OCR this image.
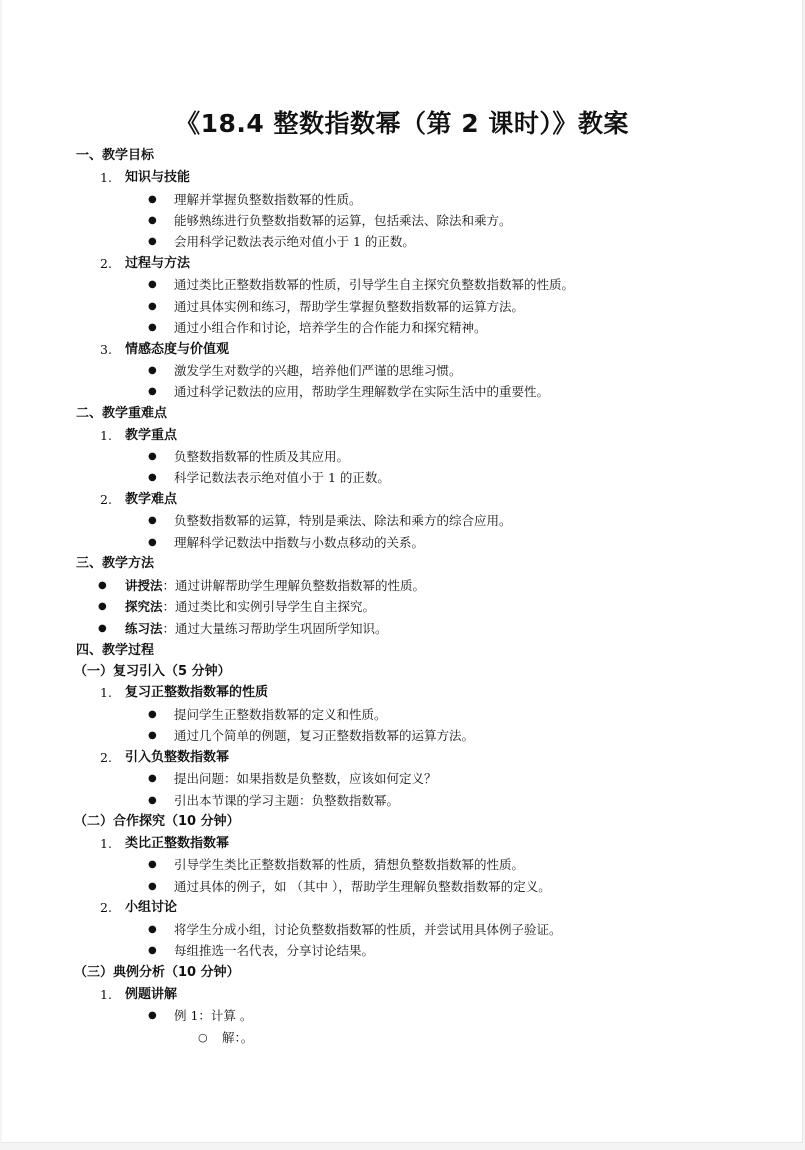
《18.4 整数指数幂（第 2 课时）》教案
一、教学目标
1. 知识与技能
● 理解并掌握负整数指数幂的性质。
● 能够熟练进行负整数指数幂的运算，包括乘法、除法和乘方。
● 会用科学记数法表示绝对值小于 1 的正数。
2. 过程与方法
● 通过类比正整数指数幂的性质，引导学生自主探究负整数指数幂的性质。
● 通过具体实例和练习，帮助学生掌握负整数指数幂的运算方法。
● 通过小组合作和讨论，培养学生的合作能力和探究精神。
3. 情感态度与价值观
● 激发学生对数学的兴趣，培养他们严谨的思维习惯。
● 通过科学记数法的应用，帮助学生理解数学在实际生活中的重要性。
二、教学重难点
1. 教学重点
● 负整数指数幂的性质及其应用。
● 科学记数法表示绝对值小于 1 的正数。
2. 教学难点
● 负整数指数幂的运算，特别是乘法、除法和乘方的综合应用。
● 理解科学记数法中指数与小数点移动的关系。
三、教学方法
● 讲授法：通过讲解帮助学生理解负整数指数幂的性质。
● 探究法：通过类比和实例引导学生自主探究。
● 练习法：通过大量练习帮助学生巩固所学知识。
四、教学过程
（一）复习引入（5 分钟）
1. 复习正整数指数幂的性质
● 提问学生正整数指数幂的定义和性质。
● 通过几个简单的例题，复习正整数指数幂的运算方法。
2. 引入负整数指数幂
● 提出问题：如果指数是负整数，应该如何定义？
● 引出本节课的学习主题：负整数指数幂。
（二）合作探究（10 分钟）
1. 类比正整数指数幂
● 引导学生类比正整数指数幂的性质，猜想负整数指数幂的性质。
● 通过具体的例子，如 （其中 ），帮助学生理解负整数指数幂的定义。
2. 小组讨论
● 将学生分成小组，讨论负整数指数幂的性质，并尝试用具体例子验证。
● 每组推选一名代表，分享讨论结果。
（三）典例分析（10 分钟）
1. 例题讲解
● 例 1：计算 。
○ 解：。
